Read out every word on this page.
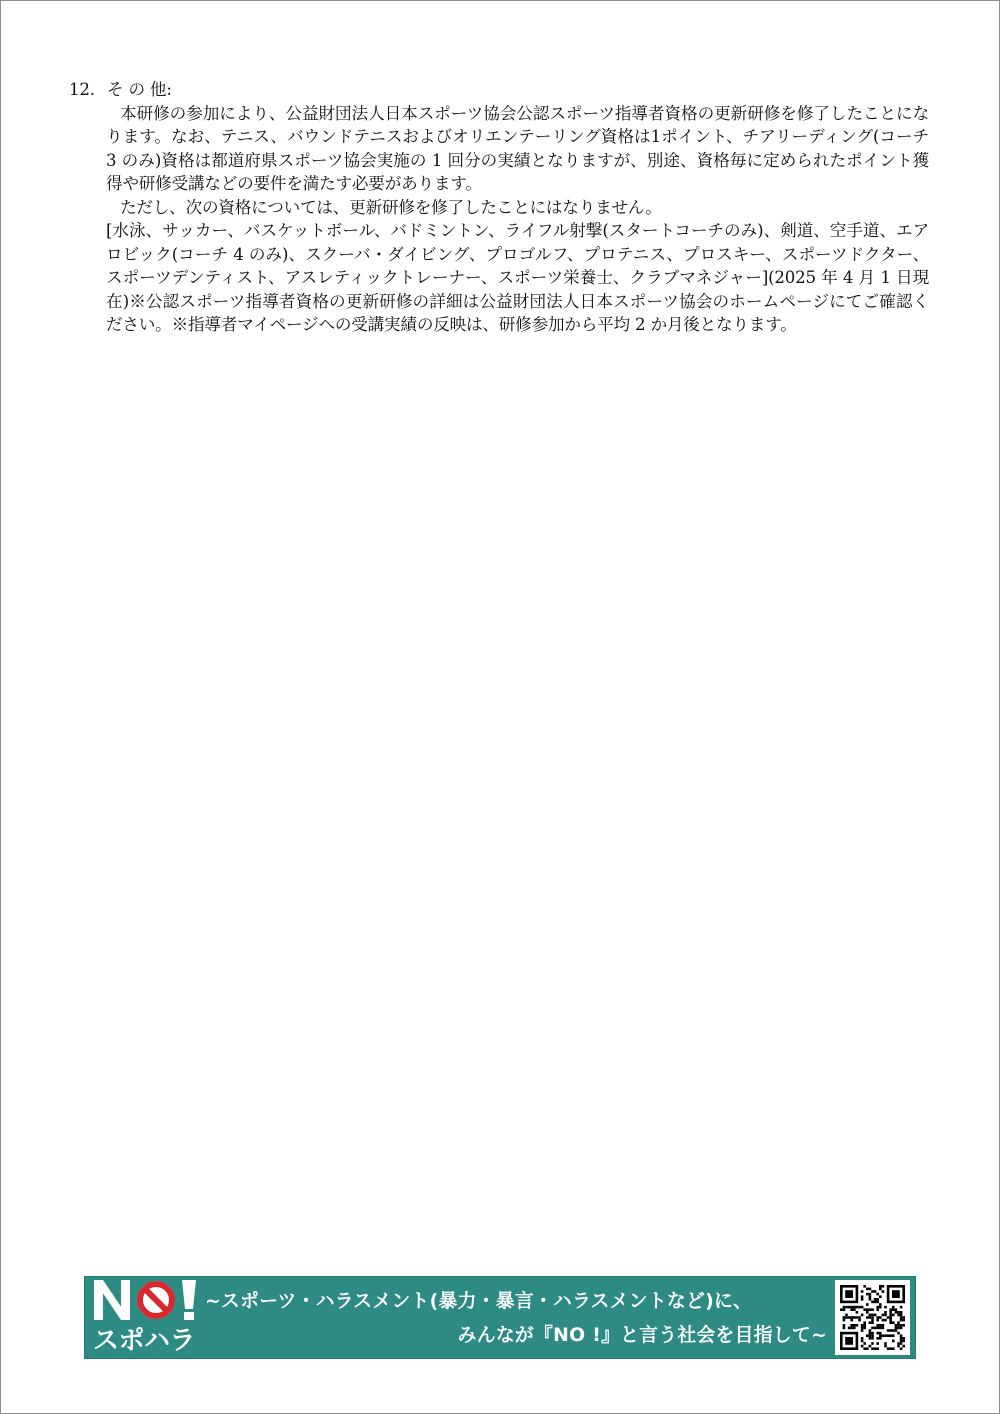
12. そ の 他:

本研修の参加により、公益財団法人日本スポーツ協会公認スポーツ指導者資格の更新研修を修了したことになります。なお、テニス、バウンドテニスおよびオリエンテーリング資格は1ポイント、チアリーディング(コーチ 3 のみ)資格は都道府県スポーツ協会実施の 1 回分の実績となりますが、別途、資格毎に定められたポイント獲得や研修受講などの要件を満たす必要があります。

ただし、次の資格については、更新研修を修了したことにはなりません。

[水泳、サッカー、バスケットボール、バドミントン、ライフル射撃(スタートコーチのみ)、剣道、空手道、エアロビック(コーチ 4 のみ)、スクーバ・ダイビング、プロゴルフ、プロテニス、プロスキー、スポーツドクター、スポーツデンティスト、アスレティックトレーナー、スポーツ栄養士、クラブマネジャー](2025 年 4 月 1 日現在)※公認スポーツ指導者資格の更新研修の詳細は公益財団法人日本スポーツ協会のホームページにてご確認ください。※指導者マイページへの受講実績の反映は、研修参加から平均 2 か月後となります。

スポハラ
~スポーツ・ハラスメント(暴力・暴言・ハラスメントなど)に、
みんなが『NO !』と言う社会を目指して~
